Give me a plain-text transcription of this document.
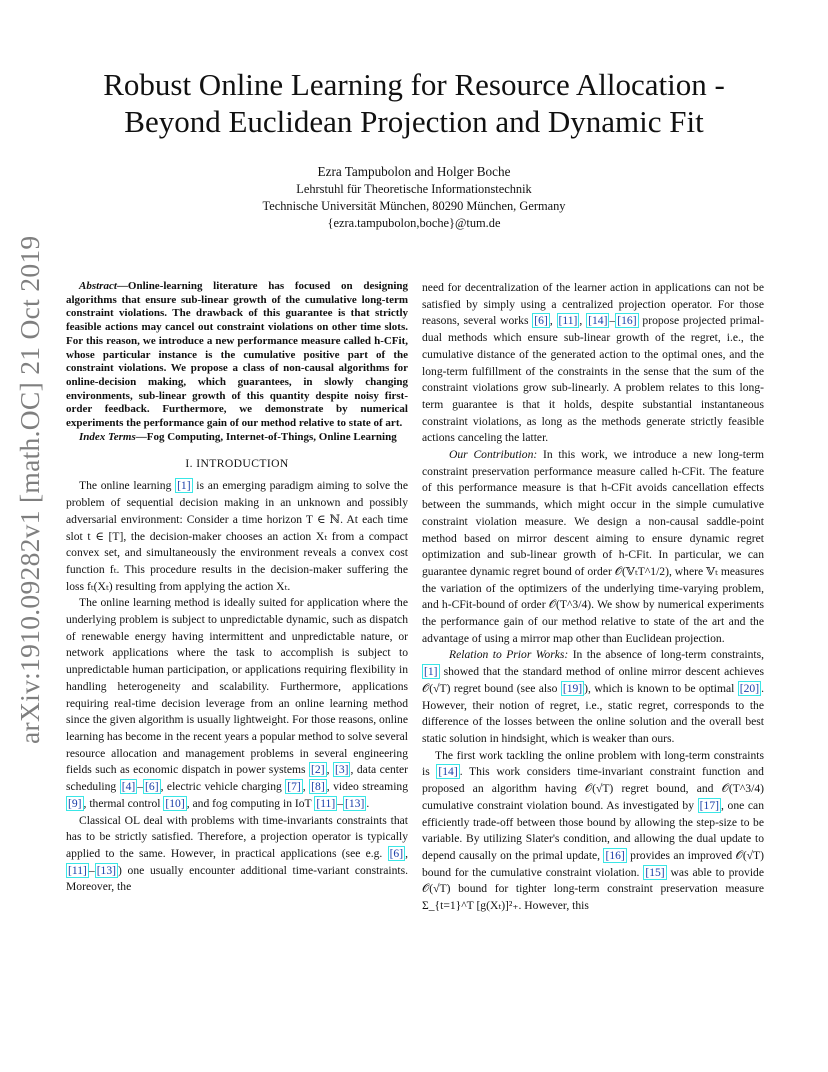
Robust Online Learning for Resource Allocation -
Beyond Euclidean Projection and Dynamic Fit
Ezra Tampubolon and Holger Boche
Lehrstuhl für Theoretische Informationstechnik
Technische Universität München, 80290 München, Germany
{ezra.tampubolon,boche}@tum.de
arXiv:1910.09282v1 [math.OC] 21 Oct 2019	Abstract—Online-learning literature has focused on designing algorithms that ensure sub-linear growth of the cumulative long-term constraint violations. The drawback of this guarantee is that strictly feasible actions may cancel out constraint violations on other time slots. For this reason, we introduce a new performance measure called h-CFit, whose particular instance is the cumulative positive part of the constraint violations. We propose a class of non-causal algorithms for online-decision making, which guarantees, in slowly changing environments, sub-linear growth of this quantity despite noisy first-order feedback. Furthermore, we demonstrate by numerical experiments the performance gain of our method relative to state of art.

Index Terms—Fog Computing, Internet-of-Things, Online Learning

I. INTRODUCTION

The online learning [1] is an emerging paradigm aiming to solve the problem of sequential decision making in an unknown and possibly adversarial environment: Consider a time horizon T ∈ ℕ. At each time slot t ∈ [T], the decision-maker chooses an action Xₜ from a compact convex set, and simultaneously the environment reveals a convex cost function fₜ. This procedure results in the decision-maker suffering the loss fₜ(Xₜ) resulting from applying the action Xₜ.

The online learning method is ideally suited for application where the underlying problem is subject to unpredictable dynamic, such as dispatch of renewable energy having intermittent and unpredictable nature, or network applications where the task to accomplish is subject to unpredictable human participation, or applications requiring flexibility in handling heterogeneity and scalability. Furthermore, applications requiring real-time decision leverage from an online learning method since the given algorithm is usually lightweight. For those reasons, online learning has become in the recent years a popular method to solve several resource allocation and management problems in several engineering fields such as economic dispatch in power systems [2] , [3] , data center scheduling [4] – [6] , electric vehicle charging [7] , [8] , video streaming [9] , thermal control [10] , and fog computing in IoT [11] – [13] .

Classical OL deal with problems with time-invariants constraints that has to be strictly satisfied. Therefore, a projection operator is typically applied to the same. However, in practical applications (see e.g. [6] , [11] – [13] ) one usually encounter additional time-variant constraints. Moreover, the

need for decentralization of the learner action in applications can not be satisfied by simply using a centralized projection operator. For those reasons, several works [6] , [11] , [14] – [16] propose projected primal-dual methods which ensure sub-linear growth of the regret, i.e., the cumulative distance of the generated action to the optimal ones, and the long-term fulfillment of the constraints in the sense that the sum of the constraint violations grow sub-linearly. A problem relates to this long-term guarantee is that it holds, despite substantial instantaneous constraint violations, as long as the methods generate strictly feasible actions canceling the latter.

Our Contribution: In this work, we introduce a new long-term constraint preservation performance measure called h-CFit. The feature of this performance measure is that h-CFit avoids cancellation effects between the summands, which might occur in the simple cumulative constraint violation measure. We design a non-causal saddle-point method based on mirror descent aiming to ensure dynamic regret optimization and sub-linear growth of h-CFit. In particular, we can guarantee dynamic regret bound of order 𝒪(𝕍ₜT^1/2), where 𝕍ₜ measures the variation of the optimizers of the underlying time-varying problem, and h-CFit-bound of order 𝒪(T^3/4). We show by numerical experiments the performance gain of our method relative to state of the art and the advantage of using a mirror map other than Euclidean projection.

Relation to Prior Works: In the absence of long-term constraints, [1] showed that the standard method of online mirror descent achieves 𝒪(√T) regret bound (see also [19] ), which is known to be optimal [20] . However, their notion of regret, i.e., static regret, corresponds to the difference of the losses between the online solution and the overall best static solution in hindsight, which is weaker than ours.

The first work tackling the online problem with long-term constraints is [14] . This work considers time-invariant constraint function and proposed an algorithm having 𝒪(√T) regret bound, and 𝒪(T^3/4) cumulative constraint violation bound. As investigated by [17] , one can efficiently trade-off between those bound by allowing the step-size to be variable. By utilizing Slater's condition, and allowing the dual update to depend causally on the primal update, [16] provides an improved 𝒪(√T) bound for the cumulative constraint violation. [15] was able to provide 𝒪(√T) bound for tighter long-term constraint preservation measure Σ_{t=1}^T [g(Xₜ)]²₊. However, this
